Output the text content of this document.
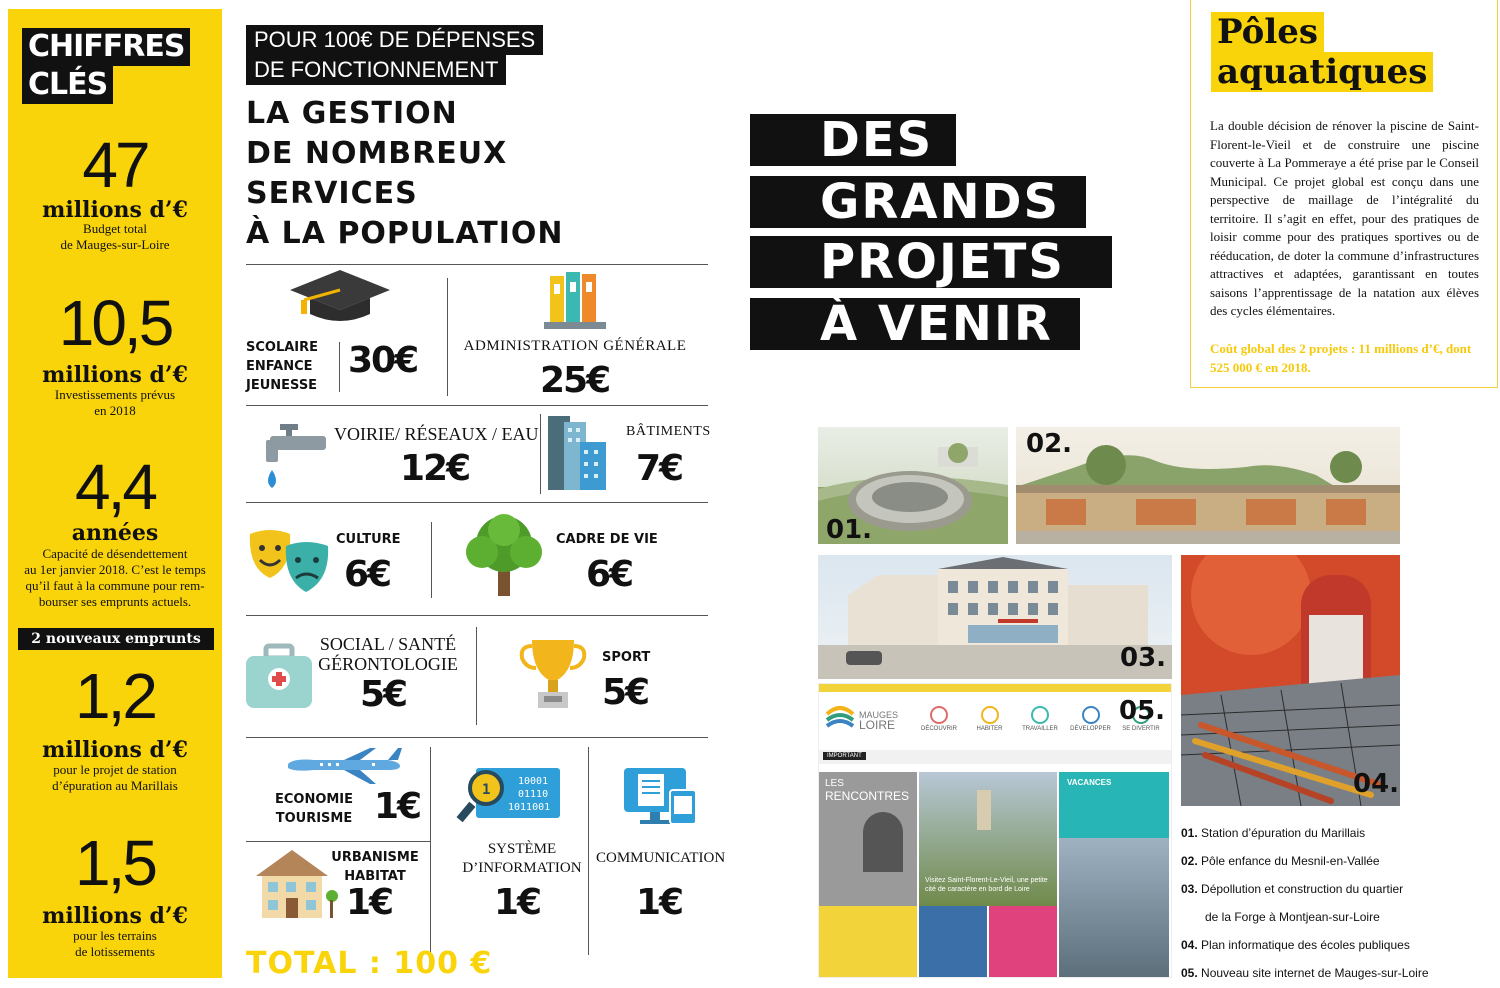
CHIFFRES
CLÉS
47
millions d’€
Budget total
de Mauges-sur-Loire
10,5
millions d’€
Investissements prévus
en 2018
4,4
années
Capacité de désendettement
au 1er janvier 2018. C’est le temps
qu’il faut à la commune pour rem-
bourser ses emprunts actuels.
2 nouveaux emprunts
1,2
millions d’€
pour le projet de station
d’épuration au Marillais
1,5
millions d’€
pour les terrains
de lotissements
POUR 100€ DE DÉPENSES
DE FONCTIONNEMENT
LA GESTION
DE NOMBREUX
SERVICES
À LA POPULATION
SCOLAIRE
ENFANCE
JEUNESSE
30€	ADMINISTRATION GÉNÉRALE
25€
VOIRIE/ RÉSEAUX / EAU
12€
BÂTIMENTS
7€
CULTURE
6€
CADRE DE VIE
6€
SOCIAL / SANTÉ
GÉRONTOLOGIE
5€
SPORT
5€
ECONOMIE
TOURISME 1€
10001
01110
1011001
1
SYSTÈME
D’INFORMATION
1€
COMMUNICATION
1€
URBANISME
HABITAT
1€
TOTAL : 100 €
DES
GRANDS
PROJETS
À VENIR
Pôles
aquatiques
La double décision de rénover la piscine de Saint-Florent-le-Vieil et de construire une piscine couverte à La Pommeraye a été prise par le Conseil Municipal. Ce projet global est conçu dans une perspective de maillage de l’intégralité du territoire. Il s’agit en effet, pour des pratiques de loisir comme pour des pratiques sportives ou de rééducation, de doter la commune d’infrastructures attractives et adaptées, garantissant en toutes saisons l’apprentissage de la natation aux élèves des cycles élémentaires.
Coût global des 2 projets : 11 millions d’€, dont 525 000 € en 2018.
01.
02.
03.
04.
MAUGES
LOIRE	DÉCOUVRIR	HABITER	TRAVAILLER	DÉVELOPPER	SE DIVERTIR
IMPORTANT
LES
RENCONTRES
Visitez Saint-Florent-Le-Vieil, une petite cité de caractère en bord de Loire
VACANCES
05.
01. Station d’épuration du Marillais
02. Pôle enfance du Mesnil-en-Vallée
03. Dépollution et construction du quartier
de la Forge à Montjean-sur-Loire
04. Plan informatique des écoles publiques
05. Nouveau site internet de Mauges-sur-Loire
